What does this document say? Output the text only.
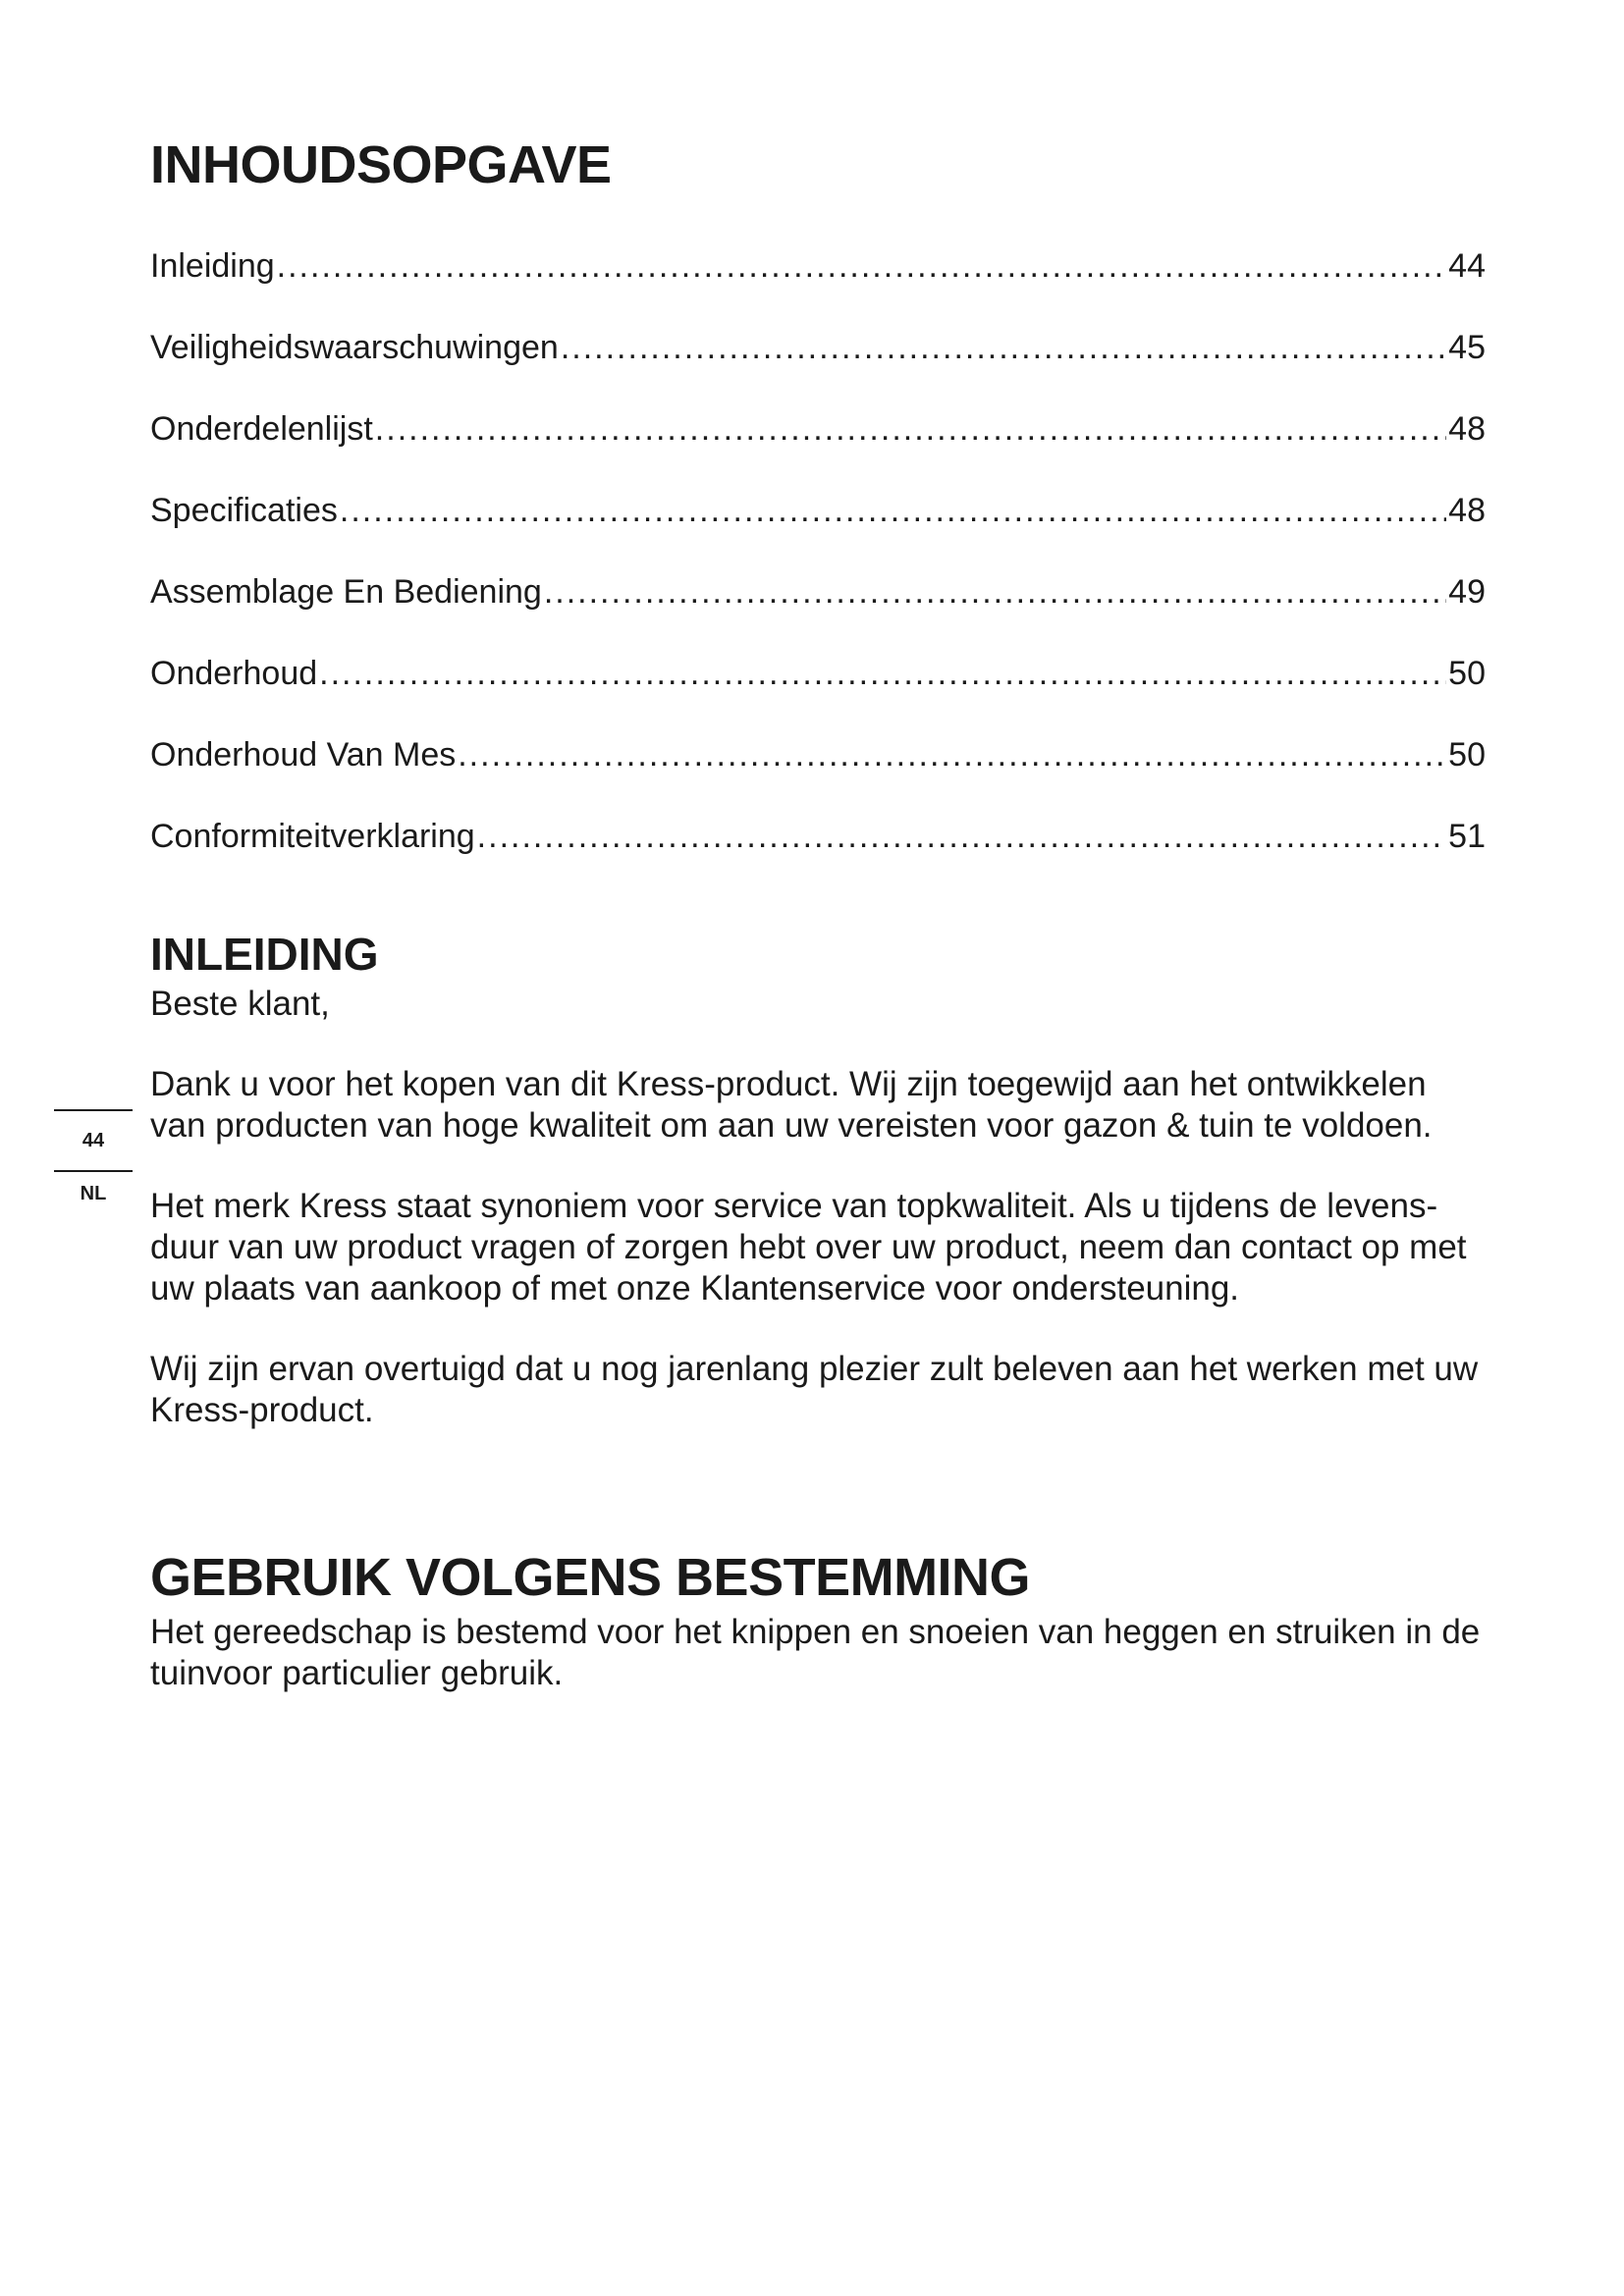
INHOUDSOPGAVE
Inleiding .....	44
Veiligheidswaarschuwingen .....	45
Onderdelenlijst .....	48
Specificaties .....	48
Assemblage En Bediening .....	49
Onderhoud .....	50
Onderhoud Van Mes .....	50
Conformiteitverklaring .....	51
INLEIDING

Beste klant,

Dank u voor het kopen van dit Kress-product. Wij zijn toegewijd aan het ontwikkelen van producten van hoge kwaliteit om aan uw vereisten voor gazon & tuin te voldoen.

Het merk Kress staat synoniem voor service van topkwaliteit. Als u tijdens de levens-duur van uw product vragen of zorgen hebt over uw product, neem dan contact op met uw plaats van aankoop of met onze Klantenservice voor ondersteuning.

Wij zijn ervan overtuigd dat u nog jarenlang plezier zult beleven aan het werken met uw Kress-product.

GEBRUIK VOLGENS BESTEMMING

Het gereedschap is bestemd voor het knippen en snoeien van heggen en struiken in de tuinvoor particulier gebruik.

44
NL
